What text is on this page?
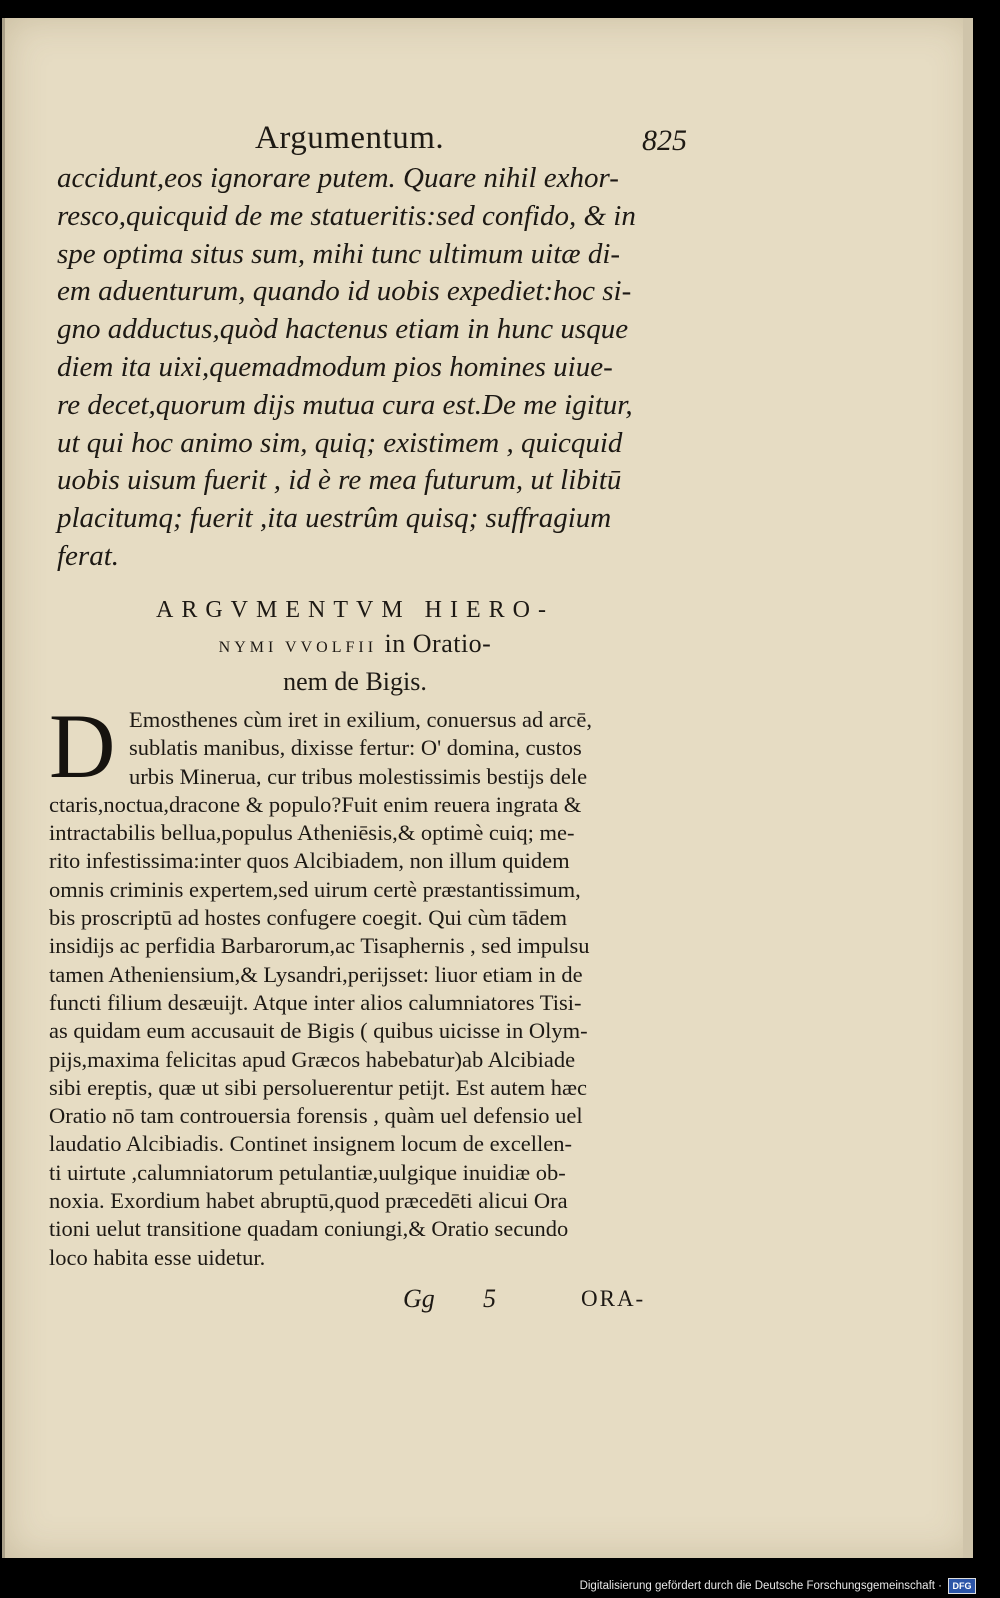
Argumentum.	825
accidunt,eos ignorare putem. Quare nihil exhor-
resco,quicquid de me statueritis:sed confido, & in
spe optima situs sum, mihi tunc ultimum uitæ di-
em aduenturum, quando id uobis expediet:hoc si-
gno adductus,quòd hactenus etiam in hunc usque
diem ita uixi,quemadmodum pios homines uiue-
re decet,quorum dijs mutua cura est.De me igitur,
ut qui hoc animo sim, quiq; existimem , quicquid
uobis uisum fuerit , id è re mea futurum, ut libitū
placitumq; fuerit ,ita uestrûm quisq; suffragium
ferat.
ARGVMENTVM HIERO-
NYMI VVOLFII in Oratio-
nem de Bigis.
D Emosthenes cùm iret in exilium, conuersus ad arcē,
sublatis manibus, dixisse fertur: O' domina, custos
urbis Minerua, cur tribus molestissimis bestijs dele
ctaris,noctua,dracone & populo?Fuit enim reuera ingrata &
intractabilis bellua,populus Atheniēsis,& optimè cuiq; me-
rito infestissima:inter quos Alcibiadem, non illum quidem
omnis criminis expertem,sed uirum certè præstantissimum,
bis proscriptū ad hostes confugere coegit. Qui cùm tādem
insidijs ac perfidia Barbarorum,ac Tisaphernis , sed impulsu
tamen Atheniensium,& Lysandri,perijsset: liuor etiam in de
functi filium desæuijt. Atque inter alios calumniatores Tisi-
as quidam eum accusauit de Bigis ( quibus uicisse in Olym-
pijs,maxima felicitas apud Græcos habebatur)ab Alcibiade
sibi ereptis, quæ ut sibi persoluerentur petijt. Est autem hæc
Oratio nō tam controuersia forensis , quàm uel defensio uel
laudatio Alcibiadis. Continet insignem locum de excellen-
ti uirtute ,calumniatorum petulantiæ,uulgique inuidiæ ob-
noxia. Exordium habet abruptū,quod præcedēti alicui Ora
tioni uelut transitione quadam coniungi,& Oratio secundo
loco habita esse uidetur.
Gg 5	ORA-
Digitalisierung gefördert durch die Deutsche Forschungsgemeinschaft ·	DFG
